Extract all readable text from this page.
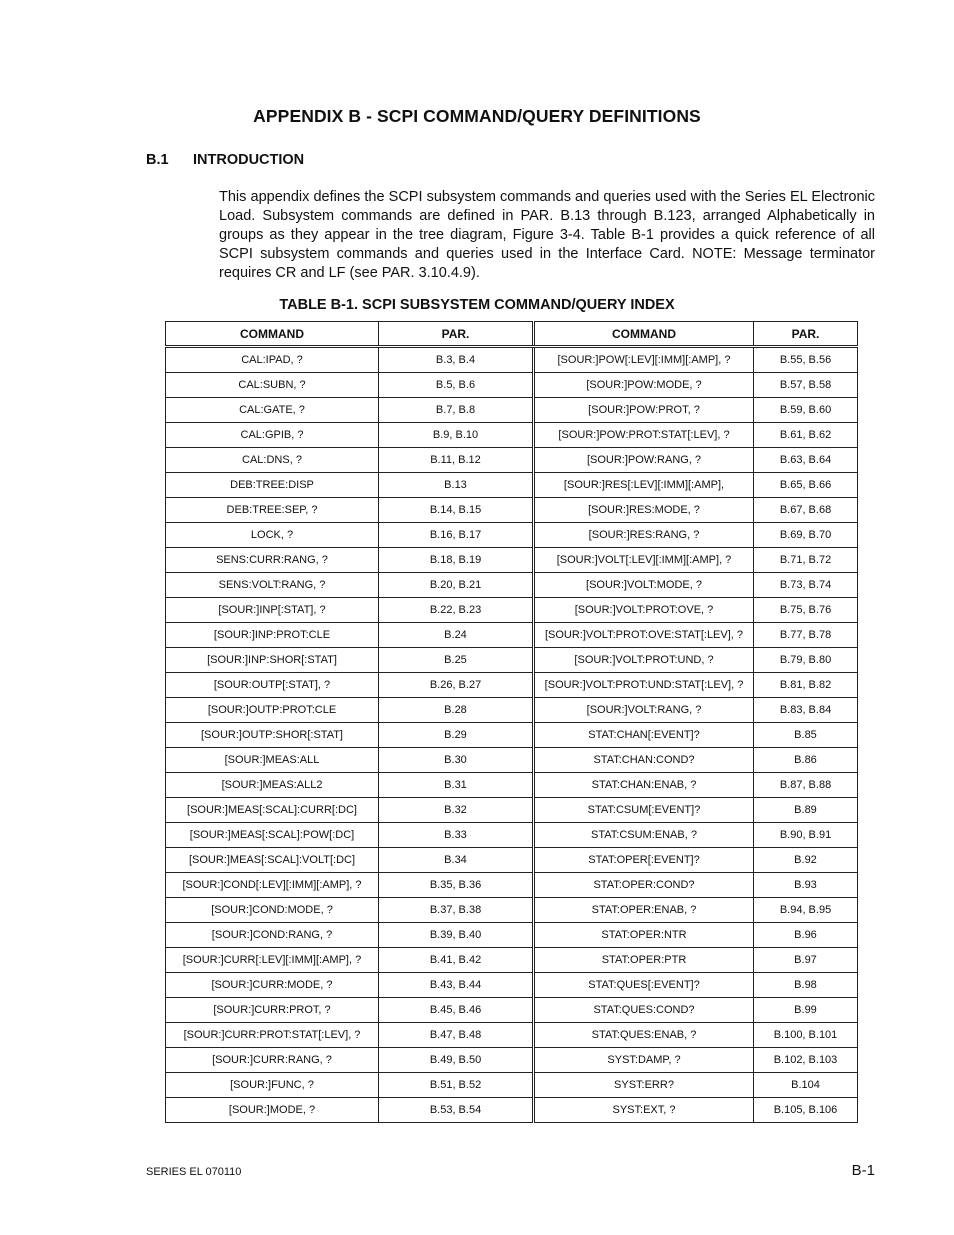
APPENDIX B - SCPI COMMAND/QUERY DEFINITIONS
B.1 INTRODUCTION

This appendix defines the SCPI subsystem commands and queries used with the Series EL Electronic Load. Subsystem commands are defined in PAR. B.13 through B.123, arranged Alphabetically in groups as they appear in the tree diagram, Figure 3-4. Table B-1 provides a quick reference of all SCPI subsystem commands and queries used in the Interface Card. NOTE: Message terminator requires CR and LF (see PAR. 3.10.4.9).

TABLE B-1. SCPI SUBSYSTEM COMMAND/QUERY INDEX
COMMAND	PAR.	COMMAND	PAR.
CAL:IPAD, ?	B.3, B.4	[SOUR:]POW[:LEV][:IMM][:AMP], ?	B.55, B.56
CAL:SUBN, ?	B.5, B.6	[SOUR:]POW:MODE, ?	B.57, B.58
CAL:GATE, ?	B.7, B.8	[SOUR:]POW:PROT, ?	B.59, B.60
CAL:GPIB, ?	B.9, B.10	[SOUR:]POW:PROT:STAT[:LEV], ?	B.61, B.62
CAL:DNS, ?	B.11, B.12	[SOUR:]POW:RANG, ?	B.63, B.64
DEB:TREE:DISP	B.13	[SOUR:]RES[:LEV][:IMM][:AMP],	B.65, B.66
DEB:TREE:SEP, ?	B.14, B.15	[SOUR:]RES:MODE, ?	B.67, B.68
LOCK, ?	B.16, B.17	[SOUR:]RES:RANG, ?	B.69, B.70
SENS:CURR:RANG, ?	B.18, B.19	[SOUR:]VOLT[:LEV][:IMM][:AMP], ?	B.71, B.72
SENS:VOLT:RANG, ?	B.20, B.21	[SOUR:]VOLT:MODE, ?	B.73, B.74
[SOUR:]INP[:STAT], ?	B.22, B.23	[SOUR:]VOLT:PROT:OVE, ?	B.75, B.76
[SOUR:]INP:PROT:CLE	B.24	[SOUR:]VOLT:PROT:OVE:STAT[:LEV], ?	B.77, B.78
[SOUR:]INP:SHOR[:STAT]	B.25	[SOUR:]VOLT:PROT:UND, ?	B.79, B.80
[SOUR:OUTP[:STAT], ?	B.26, B.27	[SOUR:]VOLT:PROT:UND:STAT[:LEV], ?	B.81, B.82
[SOUR:]OUTP:PROT:CLE	B.28	[SOUR:]VOLT:RANG, ?	B.83, B.84
[SOUR:]OUTP:SHOR[:STAT]	B.29	STAT:CHAN[:EVENT]?	B.85
[SOUR:]MEAS:ALL	B.30	STAT:CHAN:COND?	B.86
[SOUR:]MEAS:ALL2	B.31	STAT:CHAN:ENAB, ?	B.87, B.88
[SOUR:]MEAS[:SCAL]:CURR[:DC]	B.32	STAT:CSUM[:EVENT]?	B.89
[SOUR:]MEAS[:SCAL]:POW[:DC]	B.33	STAT:CSUM:ENAB, ?	B.90, B.91
[SOUR:]MEAS[:SCAL]:VOLT[:DC]	B.34	STAT:OPER[:EVENT]?	B.92
[SOUR:]COND[:LEV][:IMM][:AMP], ?	B.35, B.36	STAT:OPER:COND?	B.93
[SOUR:]COND:MODE, ?	B.37, B.38	STAT:OPER:ENAB, ?	B.94, B.95
[SOUR:]COND:RANG, ?	B.39, B.40	STAT:OPER:NTR	B.96
[SOUR:]CURR[:LEV][:IMM][:AMP], ?	B.41, B.42	STAT:OPER:PTR	B.97
[SOUR:]CURR:MODE, ?	B.43, B.44	STAT:QUES[:EVENT]?	B.98
[SOUR:]CURR:PROT, ?	B.45, B.46	STAT:QUES:COND?	B.99
[SOUR:]CURR:PROT:STAT[:LEV], ?	B.47, B.48	STAT:QUES:ENAB, ?	B.100, B.101
[SOUR:]CURR:RANG, ?	B.49, B.50	SYST:DAMP, ?	B.102, B.103
[SOUR:]FUNC, ?	B.51, B.52	SYST:ERR?	B.104
[SOUR:]MODE, ?	B.53, B.54	SYST:EXT, ?	B.105, B.106
SERIES EL 070110	B-1
